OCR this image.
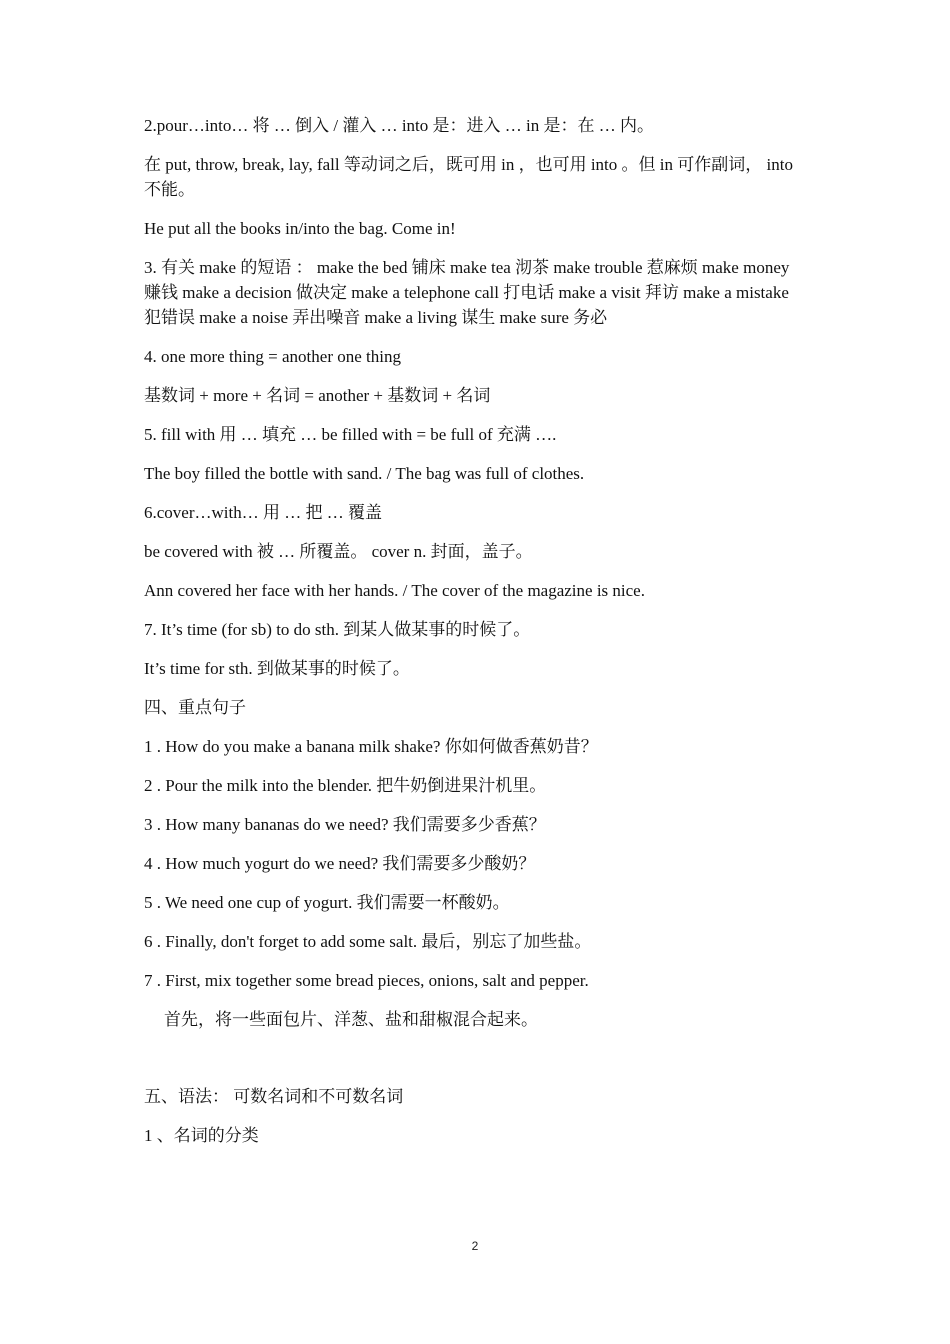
2.pour…into… 将 … 倒入 / 灌入 … into 是：进入 … in 是：在 … 内。

在 put, throw, break, lay, fall 等动词之后，既可用 in ，也可用 into 。但 in 可作副词， into 不能。

He put all the books in/into the bag. Come in!

3. 有关 make 的短语 ： make the bed 铺床 make tea 沏茶 make trouble 惹麻烦 make money 赚钱 make a decision 做决定 make a telephone call 打电话 make a visit 拜访 make a mistake 犯错误 make a noise 弄出噪音 make a living 谋生 make sure 务必

4. one more thing = another one thing

基数词 + more + 名词 = another + 基数词 + 名词

5. fill with 用 … 填充 … be filled with = be full of 充满 ….

The boy filled the bottle with sand. / The bag was full of clothes.

6.cover…with… 用 … 把 … 覆盖

be covered with 被 … 所覆盖。 cover n. 封面，盖子。

Ann covered her face with her hands. / The cover of the magazine is nice.

7. It’s time (for sb) to do sth. 到某人做某事的时候了。

It’s time for sth. 到做某事的时候了。

四、重点句子

1 . How do you make a banana milk shake? 你如何做香蕉奶昔？

2 . Pour the milk into the blender. 把牛奶倒进果汁机里。

3 . How many bananas do we need? 我们需要多少香蕉？

4 . How much yogurt do we need? 我们需要多少酸奶？

5 . We need one cup of yogurt. 我们需要一杯酸奶。

6 . Finally, don't forget to add some salt. 最后，别忘了加些盐。

7 . First, mix together some bread pieces, onions, salt and pepper.

首先，将一些面包片、洋葱、盐和甜椒混合起来。

五、语法： 可数名词和不可数名词

1 、名词的分类

2
